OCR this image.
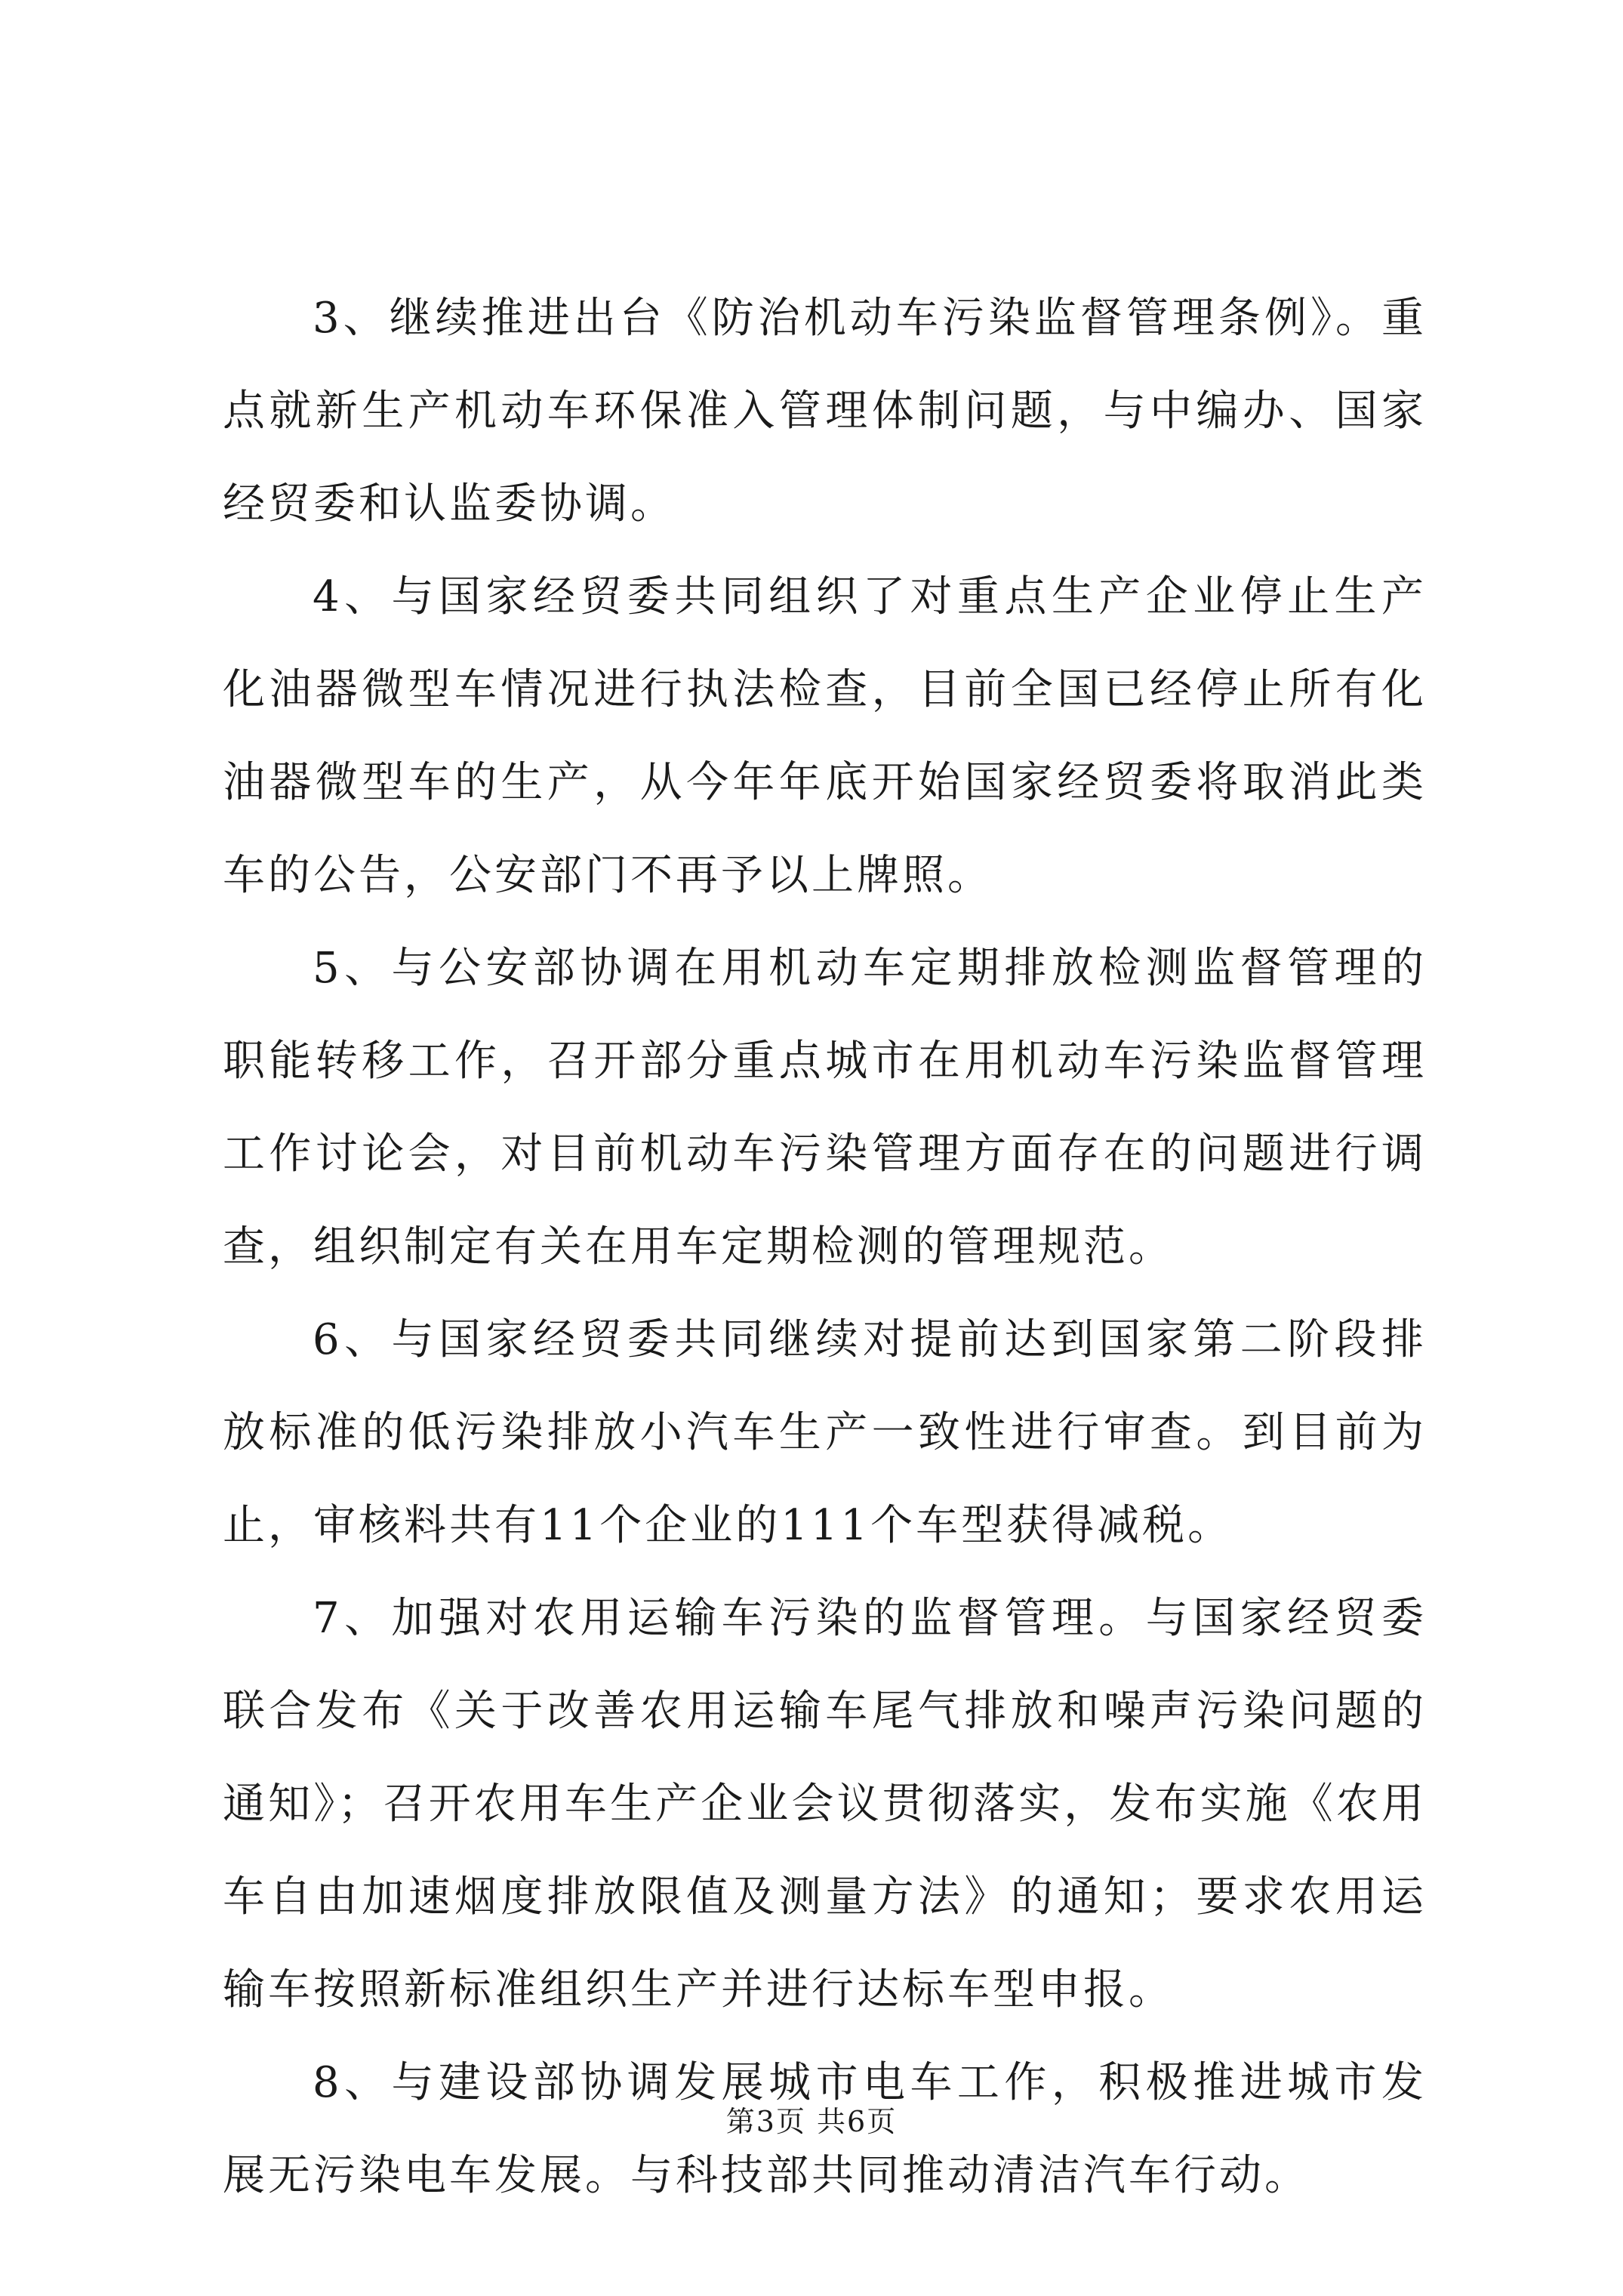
3、继续推进出台《防治机动车污染监督管理条例》。重点就新生产机动车环保准入管理体制问题，与中编办、国家经贸委和认监委协调。

4、与国家经贸委共同组织了对重点生产企业停止生产化油器微型车情况进行执法检查，目前全国已经停止所有化油器微型车的生产，从今年年底开始国家经贸委将取消此类车的公告，公安部门不再予以上牌照。

5、与公安部协调在用机动车定期排放检测监督管理的职能转移工作，召开部分重点城市在用机动车污染监督管理工作讨论会，对目前机动车污染管理方面存在的问题进行调查，组织制定有关在用车定期检测的管理规范。

6、与国家经贸委共同继续对提前达到国家第二阶段排放标准的低污染排放小汽车生产一致性进行审查。到目前为止，审核料共有11个企业的111个车型获得减税。

7、加强对农用运输车污染的监督管理。与国家经贸委联合发布《关于改善农用运输车尾气排放和噪声污染问题的通知》；召开农用车生产企业会议贯彻落实，发布实施《农用车自由加速烟度排放限值及测量方法》的通知；要求农用运输车按照新标准组织生产并进行达标车型申报。

8、与建设部协调发展城市电车工作，积极推进城市发展无污染电车发展。与科技部共同推动清洁汽车行动。

第3页 共6页
